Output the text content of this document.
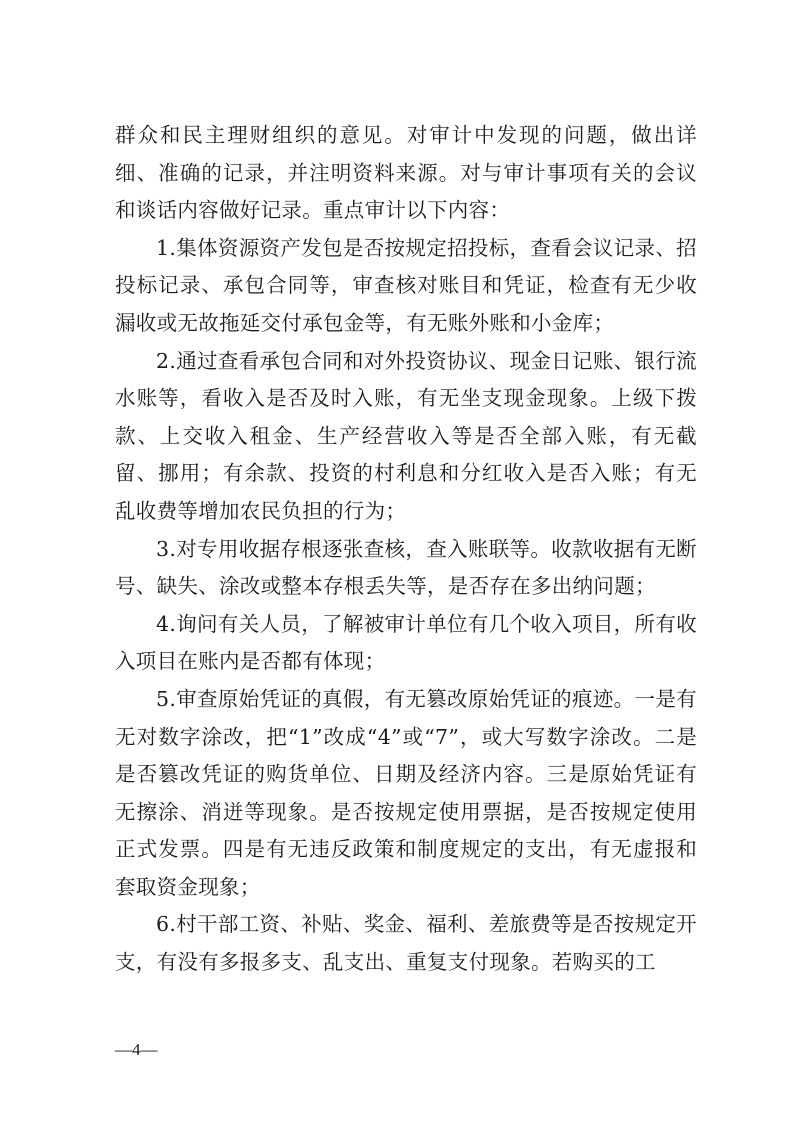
群众和民主理财组织的意见。对审计中发现的问题，做出详细、准确的记录，并注明资料来源。对与审计事项有关的会议和谈话内容做好记录。重点审计以下内容：

1.集体资源资产发包是否按规定招投标，查看会议记录、招投标记录、承包合同等，审查核对账目和凭证，检查有无少收漏收或无故拖延交付承包金等，有无账外账和小金库；

2.通过查看承包合同和对外投资协议、现金日记账、银行流水账等，看收入是否及时入账，有无坐支现金现象。上级下拨款、上交收入租金、生产经营收入等是否全部入账，有无截留、挪用；有余款、投资的村利息和分红收入是否入账；有无乱收费等增加农民负担的行为；

3.对专用收据存根逐张查核，查入账联等。收款收据有无断号、缺失、涂改或整本存根丢失等，是否存在多出纳问题；

4.询问有关人员，了解被审计单位有几个收入项目，所有收入项目在账内是否都有体现；

5.审查原始凭证的真假，有无篡改原始凭证的痕迹。一是有无对数字涂改，把“1”改成“4”或“7”，或大写数字涂改。二是是否篡改凭证的购货单位、日期及经济内容。三是原始凭证有无擦涂、消迸等现象。是否按规定使用票据，是否按规定使用正式发票。四是有无违反政策和制度规定的支出，有无虚报和套取资金现象；

6.村干部工资、补贴、奖金、福利、差旅费等是否按规定开支，有没有多报多支、乱支出、重复支付现象。若购买的工

—4—
